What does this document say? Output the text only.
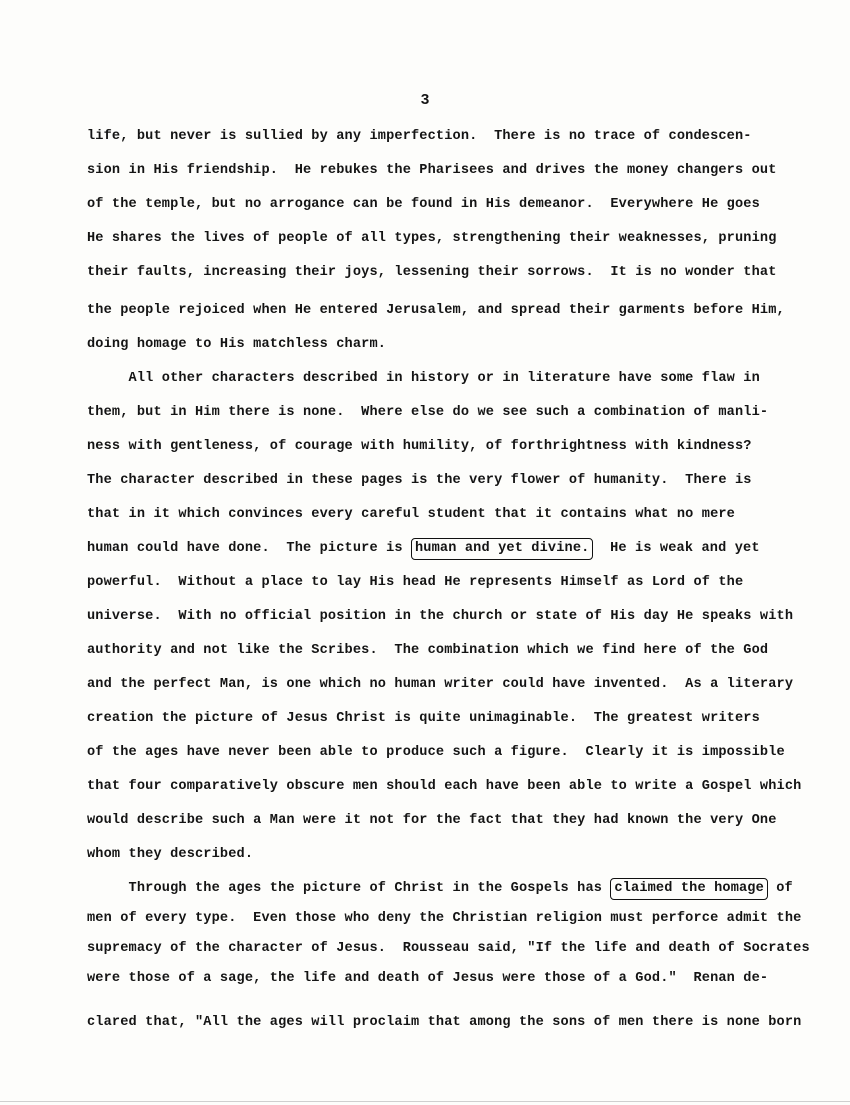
3
life, but never is sullied by any imperfection.  There is no trace of condescen-
sion in His friendship.  He rebukes the Pharisees and drives the money changers out
of the temple, but no arrogance can be found in His demeanor.  Everywhere He goes
He shares the lives of people of all types, strengthening their weaknesses, pruning
their faults, increasing their joys, lessening their sorrows.  It is no wonder that
the people rejoiced when He entered Jerusalem, and spread their garments before Him,
doing homage to His matchless charm.
All other characters described in history or in literature have some flaw in
them, but in Him there is none.  Where else do we see such a combination of manli-
ness with gentleness, of courage with humility, of forthrightness with kindness?
The character described in these pages is the very flower of humanity.  There is
that in it which convinces every careful student that it contains what no mere
human could have done.  The picture is human and yet divine.  He is weak and yet
powerful.  Without a place to lay His head He represents Himself as Lord of the
universe.  With no official position in the church or state of His day He speaks with
authority and not like the Scribes.  The combination which we find here of the God
and the perfect Man, is one which no human writer could have invented.  As a literary
creation the picture of Jesus Christ is quite unimaginable.  The greatest writers
of the ages have never been able to produce such a figure.  Clearly it is impossible
that four comparatively obscure men should each have been able to write a Gospel which
would describe such a Man were it not for the fact that they had known the very One
whom they described.
Through the ages the picture of Christ in the Gospels has claimed the homage of
men of every type.  Even those who deny the Christian religion must perforce admit the
supremacy of the character of Jesus.  Rousseau said, "If the life and death of Socrates
were those of a sage, the life and death of Jesus were those of a God."  Renan de-
clared that, "All the ages will proclaim that among the sons of men there is none born
